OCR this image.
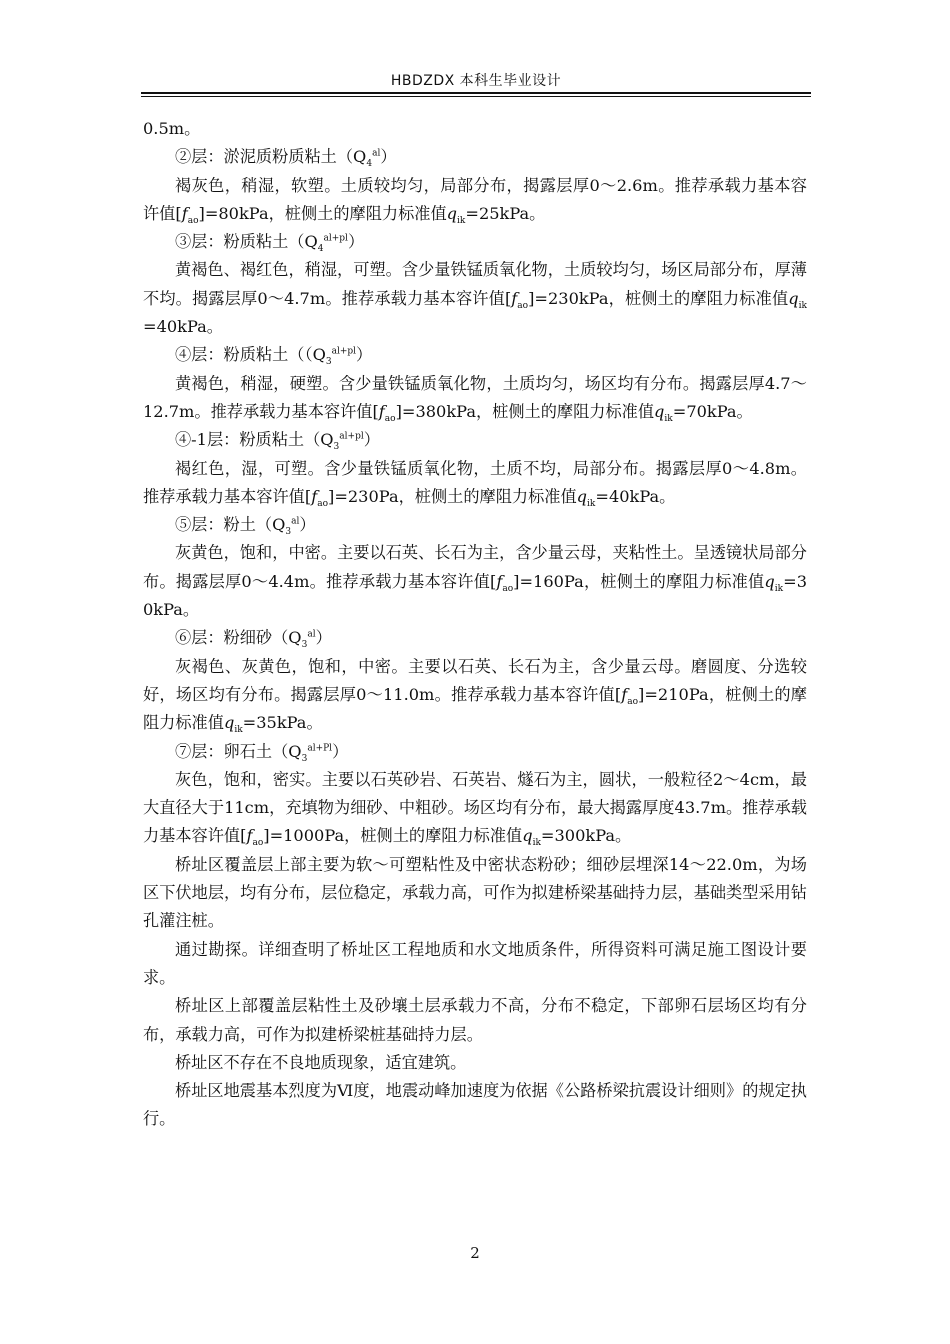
HBDZDX 本科生毕业设计

0.5m。

②层：淤泥质粉质粘土$(Q_4^{al})$

褐灰色，稍湿，软塑。土质较均匀，局部分布，揭露层厚0～2.6m。推荐承载力基本容许值$[f_{ao}]=80kPa$，桩侧土的摩阻力标准值$q_{ik}=25kPa$。

③层：粉质粘土$(Q_4^{al+pl})$

黄褐色、褐红色，稍湿，可塑。含少量铁锰质氧化物，土质较均匀，场区局部分布，厚薄不均。揭露层厚0～4.7m。推荐承载力基本容许值$[f_{ao}]=230kPa$，桩侧土的摩阻力标准值$q_{ik}=40kPa$。

④层：粉质粘土（$(Q_3^{al+pl})$

黄褐色，稍湿，硬塑。含少量铁锰质氧化物，土质均匀，场区均有分布。揭露层厚4.7～12.7m。推荐承载力基本容许值$[f_{ao}]=380kPa$，桩侧土的摩阻力标准值$q_{ik}=70kPa$。

④-1层：粉质粘土$(Q_3^{al+pl})$

褐红色，湿，可塑。含少量铁锰质氧化物，土质不均，局部分布。揭露层厚0～4.8m。推荐承载力基本容许值$[f_{ao}]=230Pa$，桩侧土的摩阻力标准值$q_{ik}=40kPa$。

⑤层：粉土$(Q_3^{al})$

灰黄色，饱和，中密。主要以石英、长石为主，含少量云母，夹粘性土。呈透镜状局部分布。揭露层厚0～4.4m。推荐承载力基本容许值$[f_{ao}]=160Pa$，桩侧土的摩阻力标准值$q_{ik}=30kPa$。

⑥层：粉细砂$(Q_3^{al})$

灰褐色、灰黄色，饱和，中密。主要以石英、长石为主，含少量云母。磨圆度、分选较好，场区均有分布。揭露层厚0～11.0m。推荐承载力基本容许值$[f_{ao}]=210Pa$，桩侧土的摩阻力标准值$q_{ik}=35kPa$。

⑦层：卵石土$(Q_3^{al+Pl})$

灰色，饱和，密实。主要以石英砂岩、石英岩、燧石为主，圆状，一般粒径2～4cm，最大直径大于11cm，充填物为细砂、中粗砂。场区均有分布，最大揭露厚度43.7m。推荐承载力基本容许值$[f_{ao}]=1000Pa$，桩侧土的摩阻力标准值$q_{ik}=300kPa$。

桥址区覆盖层上部主要为软～可塑粘性及中密状态粉砂；细砂层埋深14～22.0m，为场区下伏地层，均有分布，层位稳定，承载力高，可作为拟建桥梁基础持力层，基础类型采用钻孔灌注桩。

通过勘探。详细查明了桥址区工程地质和水文地质条件，所得资料可满足施工图设计要求。

桥址区上部覆盖层粘性土及砂壤土层承载力不高，分布不稳定，下部卵石层场区均有分布，承载力高，可作为拟建桥梁桩基础持力层。

桥址区不存在不良地质现象，适宜建筑。

桥址区地震基本烈度为Ⅵ度，地震动峰加速度为依据《公路桥梁抗震设计细则》的规定执行。

2
